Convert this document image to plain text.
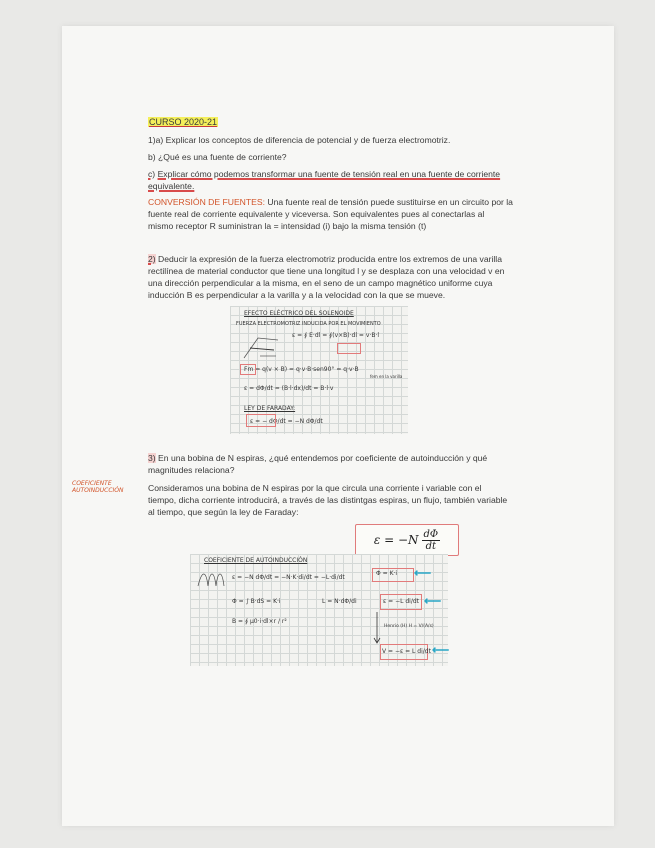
CURSO 2020-21
1)a) Explicar los conceptos de diferencia de potencial y de fuerza electromotriz.
b) ¿Qué es una fuente de corriente?
c) Explicar cómo podemos transformar una fuente de tensión real en una fuente de corriente
equivalente.
CONVERSIÓN DE FUENTES: Una fuente real de tensión puede sustituirse en un circuito por la
fuente real de corriente equivalente y viceversa. Son equivalentes pues al conectarlas al
mismo receptor R suministran la = intensidad (i) bajo la misma tensión (t)
2) Deducir la expresión de la fuerza electromotriz producida entre los extremos de una varilla
rectilínea de material conductor que tiene una longitud l y se desplaza con una velocidad v en
una dirección perpendicular a la misma, en el seno de un campo magnético uniforme cuya
inducción B es perpendicular a la varilla y a la velocidad con la que se mueve.
EFECTO ELÉCTRICO DEL SOLENOIDE
FUERZA ELECTROMOTRIZ INDUCIDA POR EL MOVIMIENTO
ε = ∮ E·dl = ∮(v×B)·dl = v·B·l
Fm = q(v × B) = q·v·B·sen90° = q·v·B
fem en la varilla
ε = dΦ/dt = (B·l·dx)/dt = B·l·v
LEY DE FARADAY:
ε = − dΦ/dt = −N dΦ/dt
3) En una bobina de N espiras, ¿qué entendemos por coeficiente de autoinducción y qué
magnitudes relaciona?
COEFICIENTE AUTOINDUCCIÓN	Consideramos una bobina de N espiras por la que circula una corriente i variable con el
tiempo, dicha corriente introducirá, a través de las distintgas espiras, un flujo, también variable
al tiempo, que según la ley de Faraday:
$\varepsilon = -N \frac{d\Phi}{dt}$
COEFICIENTE DE AUTOINDUCCIÓN
ε = −N dΦ/dt = −N·K·di/dt = −L·di/dt
Φ = K·i ⟵
Φ = ∫ B·dS = K·i	L = N·dΦ/di	ε = −L di/dt ⟵
B = ∮ μ0·i·dl×r / r²
Henrio (H) H = V/(A/s)
V = −ε = L di/dt ⟵
